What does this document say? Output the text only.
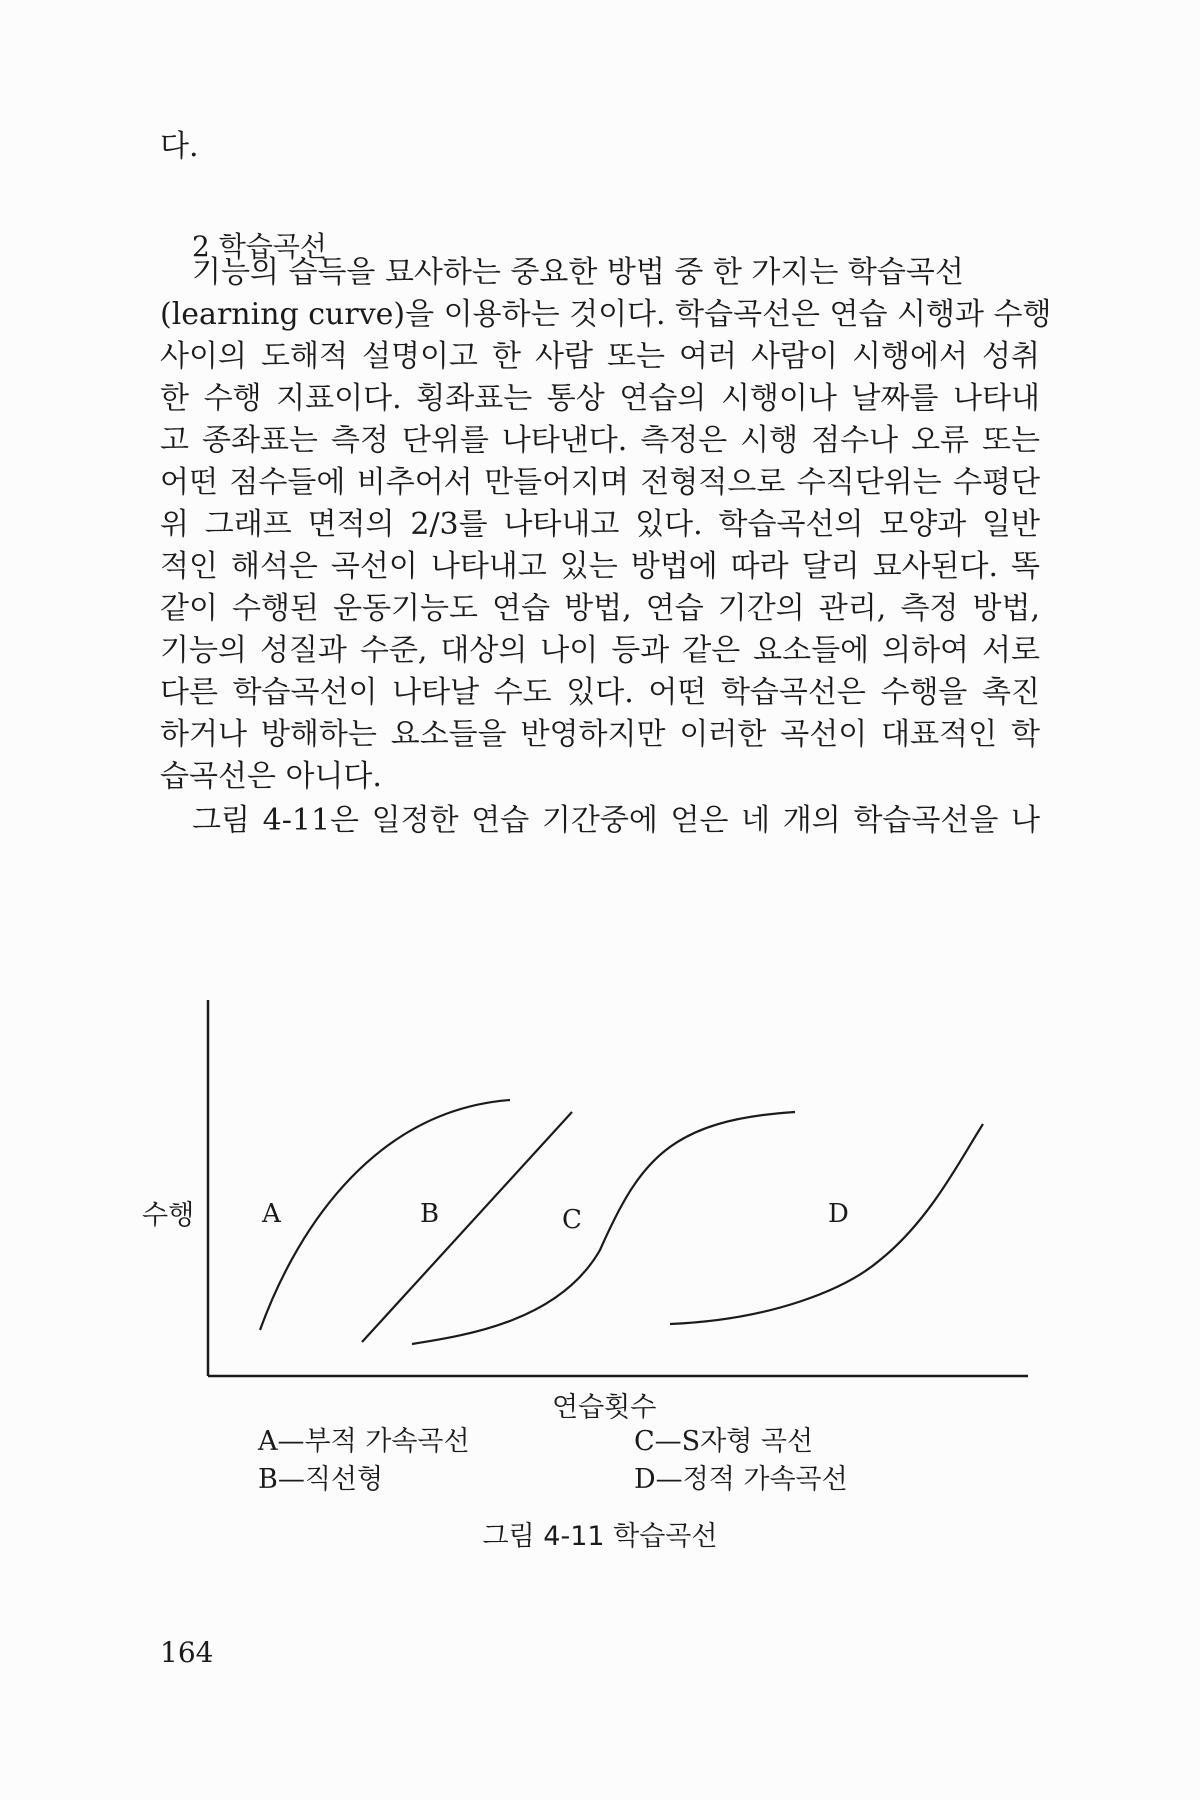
다.
2 학습곡선
기능의 습득을 묘사하는 중요한 방법 중 한 가지는 학습곡선
(learning curve)을 이용하는 것이다. 학습곡선은 연습 시행과 수행
사이의 도해적 설명이고 한 사람 또는 여러 사람이 시행에서 성취
한 수행 지표이다. 횡좌표는 통상 연습의 시행이나 날짜를 나타내
고 종좌표는 측정 단위를 나타낸다. 측정은 시행 점수나 오류 또는
어떤 점수들에 비추어서 만들어지며 전형적으로 수직단위는 수평단
위 그래프 면적의 2/3를 나타내고 있다. 학습곡선의 모양과 일반
적인 해석은 곡선이 나타내고 있는 방법에 따라 달리 묘사된다. 똑
같이 수행된 운동기능도 연습 방법, 연습 기간의 관리, 측정 방법,
기능의 성질과 수준, 대상의 나이 등과 같은 요소들에 의하여 서로
다른 학습곡선이 나타날 수도 있다. 어떤 학습곡선은 수행을 촉진
하거나 방해하는 요소들을 반영하지만 이러한 곡선이 대표적인 학
습곡선은 아니다.
그림 4-11은 일정한 연습 기간중에 얻은 네 개의 학습곡선을 나
수행	A	B	C	D
연습횟수
A—부적 가속곡선
B—직선형
C—S자형 곡선
D—정적 가속곡선
그림 4-11 학습곡선
164
